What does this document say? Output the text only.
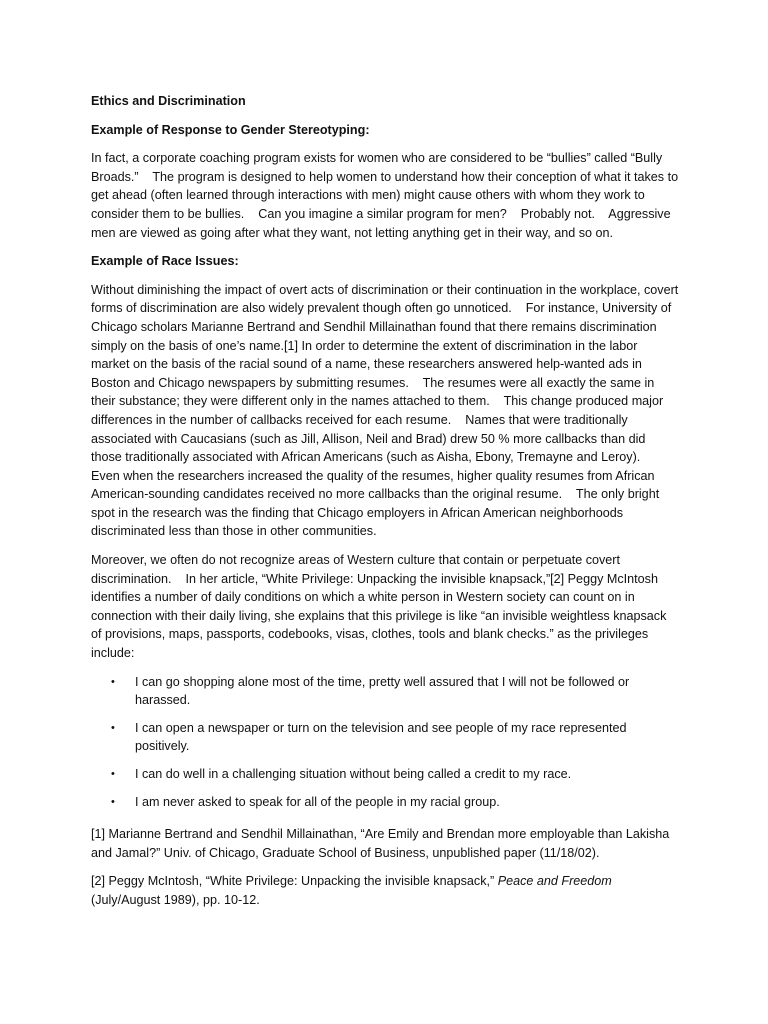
Ethics and Discrimination

Example of Response to Gender Stereotyping:

In fact, a corporate coaching program exists for women who are considered to be “bullies” called “Bully Broads.”    The program is designed to help women to understand how their conception of what it takes to get ahead (often learned through interactions with men) might cause others with whom they work to consider them to be bullies.    Can you imagine a similar program for men?    Probably not.    Aggressive men are viewed as going after what they want, not letting anything get in their way, and so on.

Example of Race Issues:

Without diminishing the impact of overt acts of discrimination or their continuation in the workplace, covert forms of discrimination are also widely prevalent though often go unnoticed.    For instance, University of Chicago scholars Marianne Bertrand and Sendhil Millainathan found that there remains discrimination simply on the basis of one’s name.[1] In order to determine the extent of discrimination in the labor market on the basis of the racial sound of a name, these researchers answered help-wanted ads in Boston and Chicago newspapers by submitting resumes.    The resumes were all exactly the same in their substance; they were different only in the names attached to them.    This change produced major differences in the number of callbacks received for each resume.    Names that were traditionally associated with Caucasians (such as Jill, Allison, Neil and Brad) drew 50 % more callbacks than did those traditionally associated with African Americans (such as Aisha, Ebony, Tremayne and Leroy).    Even when the researchers increased the quality of the resumes, higher quality resumes from African American-sounding candidates received no more callbacks than the original resume.    The only bright spot in the research was the finding that Chicago employers in African American neighborhoods discriminated less than those in other communities.

Moreover, we often do not recognize areas of Western culture that contain or perpetuate covert discrimination.    In her article, “White Privilege: Unpacking the invisible knapsack,”[2] Peggy McIntosh identifies a number of daily conditions on which a white person in Western society can count on in connection with their daily living, she explains that this privilege is like “an invisible weightless knapsack of provisions, maps, passports, codebooks, visas, clothes, tools and blank checks.” as the privileges include:

• I can go shopping alone most of the time, pretty well assured that I will not be followed or harassed.
• I can open a newspaper or turn on the television and see people of my race represented positively.
• I can do well in a challenging situation without being called a credit to my race.
• I am never asked to speak for all of the people in my racial group.

[1] Marianne Bertrand and Sendhil Millainathan, “Are Emily and Brendan more employable than Lakisha and Jamal?” Univ. of Chicago, Graduate School of Business, unpublished paper (11/18/02).

[2] Peggy McIntosh, “White Privilege: Unpacking the invisible knapsack,” Peace and Freedom (July/August 1989), pp. 10-12.
